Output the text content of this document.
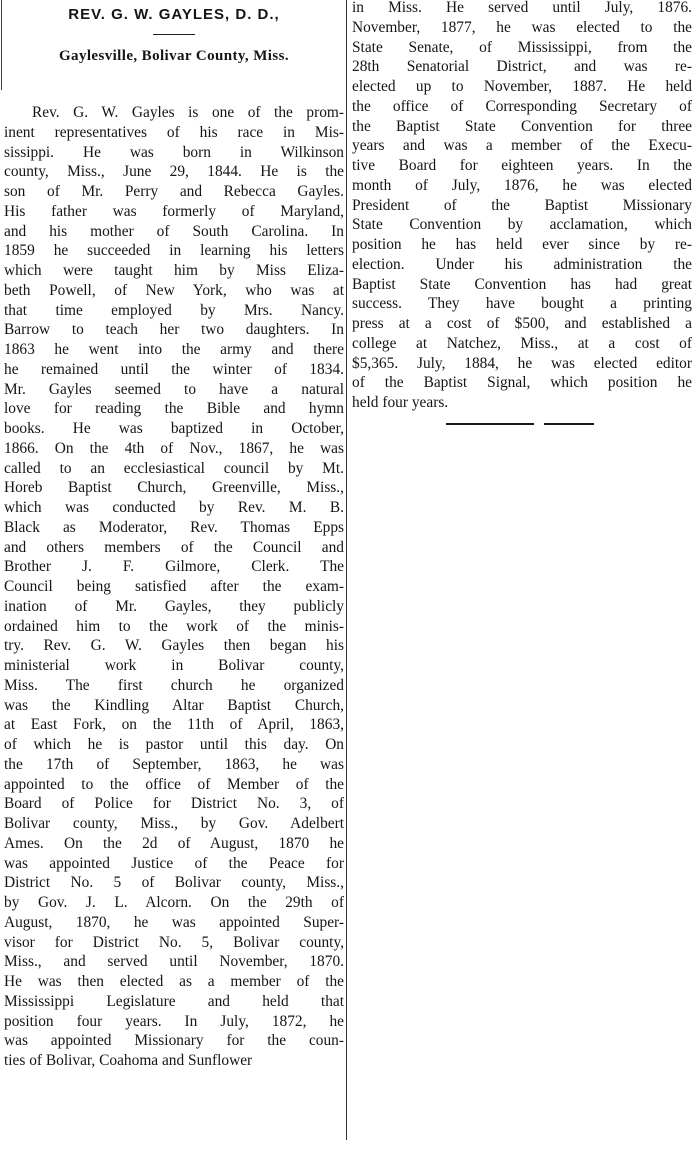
REV. G. W. GAYLES, D. D.,
Gaylesville, Bolivar County, Miss.
Rev. G. W. Gayles is one of the prom-
inent representatives of his race in Mis-
sissippi. He was born in Wilkinson
county, Miss., June 29, 1844. He is the
son of Mr. Perry and Rebecca Gayles.
His father was formerly of Maryland,
and his mother of South Carolina. In
1859 he succeeded in learning his letters
which were taught him by Miss Eliza-
beth Powell, of New York, who was at
that time employed by Mrs. Nancy.
Barrow to teach her two daughters. In
1863 he went into the army and there
he remained until the winter of 1834.
Mr. Gayles seemed to have a natural
love for reading the Bible and hymn
books. He was baptized in October,
1866. On the 4th of Nov., 1867, he was
called to an ecclesiastical council by Mt.
Horeb Baptist Church, Greenville, Miss.,
which was conducted by Rev. M. B.
Black as Moderator, Rev. Thomas Epps
and others members of the Council and
Brother J. F. Gilmore, Clerk. The
Council being satisfied after the exam-
ination of Mr. Gayles, they publicly
ordained him to the work of the minis-
try. Rev. G. W. Gayles then began his
ministerial work in Bolivar county,
Miss. The first church he organized
was the Kindling Altar Baptist Church,
at East Fork, on the 11th of April, 1863,
of which he is pastor until this day. On
the 17th of September, 1863, he was
appointed to the office of Member of the
Board of Police for District No. 3, of
Bolivar county, Miss., by Gov. Adelbert
Ames. On the 2d of August, 1870 he
was appointed Justice of the Peace for
District No. 5 of Bolivar county, Miss.,
by Gov. J. L. Alcorn. On the 29th of
August, 1870, he was appointed Super-
visor for District No. 5, Bolivar county,
Miss., and served until November, 1870.
He was then elected as a member of the
Mississippi Legislature and held that
position four years. In July, 1872, he
was appointed Missionary for the coun-
ties of Bolivar, Coahoma and Sunflower
in Miss. He served until July, 1876.
November, 1877, he was elected to the
State Senate, of Mississippi, from the
28th Senatorial District, and was re-
elected up to November, 1887. He held
the office of Corresponding Secretary of
the Baptist State Convention for three
years and was a member of the Execu-
tive Board for eighteen years. In the
month of July, 1876, he was elected
President of the Baptist Missionary
State Convention by acclamation, which
position he has held ever since by re-
election. Under his administration the
Baptist State Convention has had great
success. They have bought a printing
press at a cost of $500, and established a
college at Natchez, Miss., at a cost of
$5,365. July, 1884, he was elected editor
of the Baptist Signal, which position he
held four years.
